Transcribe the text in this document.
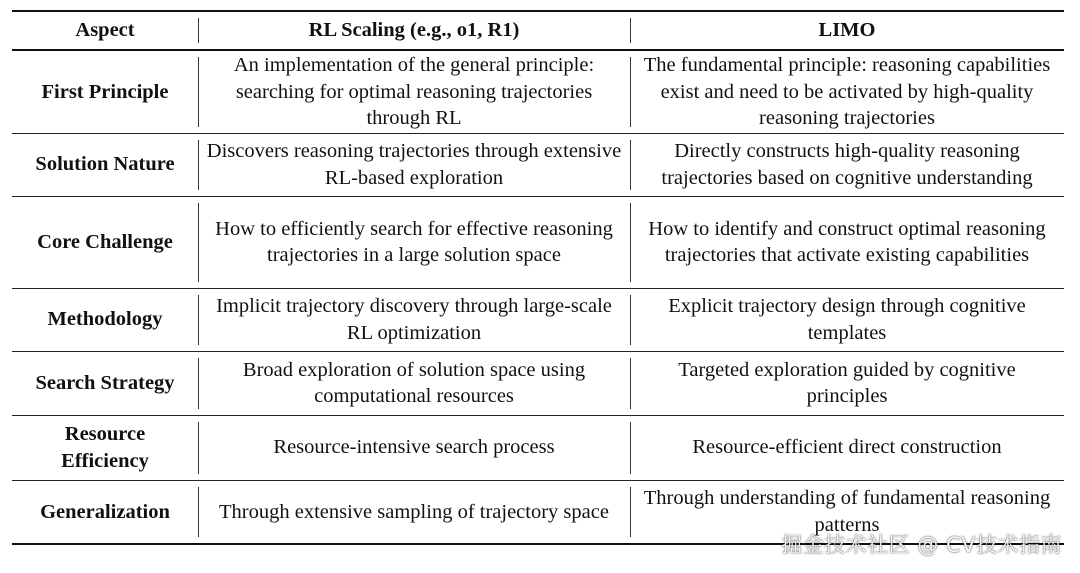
Aspect	RL Scaling (e.g., o1, R1)	LIMO
First Principle	An implementation of the general principle: searching for optimal reasoning trajectories through RL	The fundamental principle: reasoning capabilities exist and need to be activated by high-quality reasoning trajectories
Solution Nature	Discovers reasoning trajectories through extensive RL-based exploration	Directly constructs high-quality reasoning trajectories based on cognitive understanding
Core Challenge	How to efficiently search for effective reasoning trajectories in a large solution space	How to identify and construct optimal reasoning trajectories that activate existing capabilities
Methodology	Implicit trajectory discovery through large-scale RL optimization	Explicit trajectory design through cognitive templates
Search Strategy	Broad exploration of solution space using computational resources	Targeted exploration guided by cognitive principles
Resource Efficiency	Resource-intensive search process	Resource-efficient direct construction
Generalization	Through extensive sampling of trajectory space	Through understanding of fundamental reasoning patterns
掘金技术社区 @ CV技术指南
